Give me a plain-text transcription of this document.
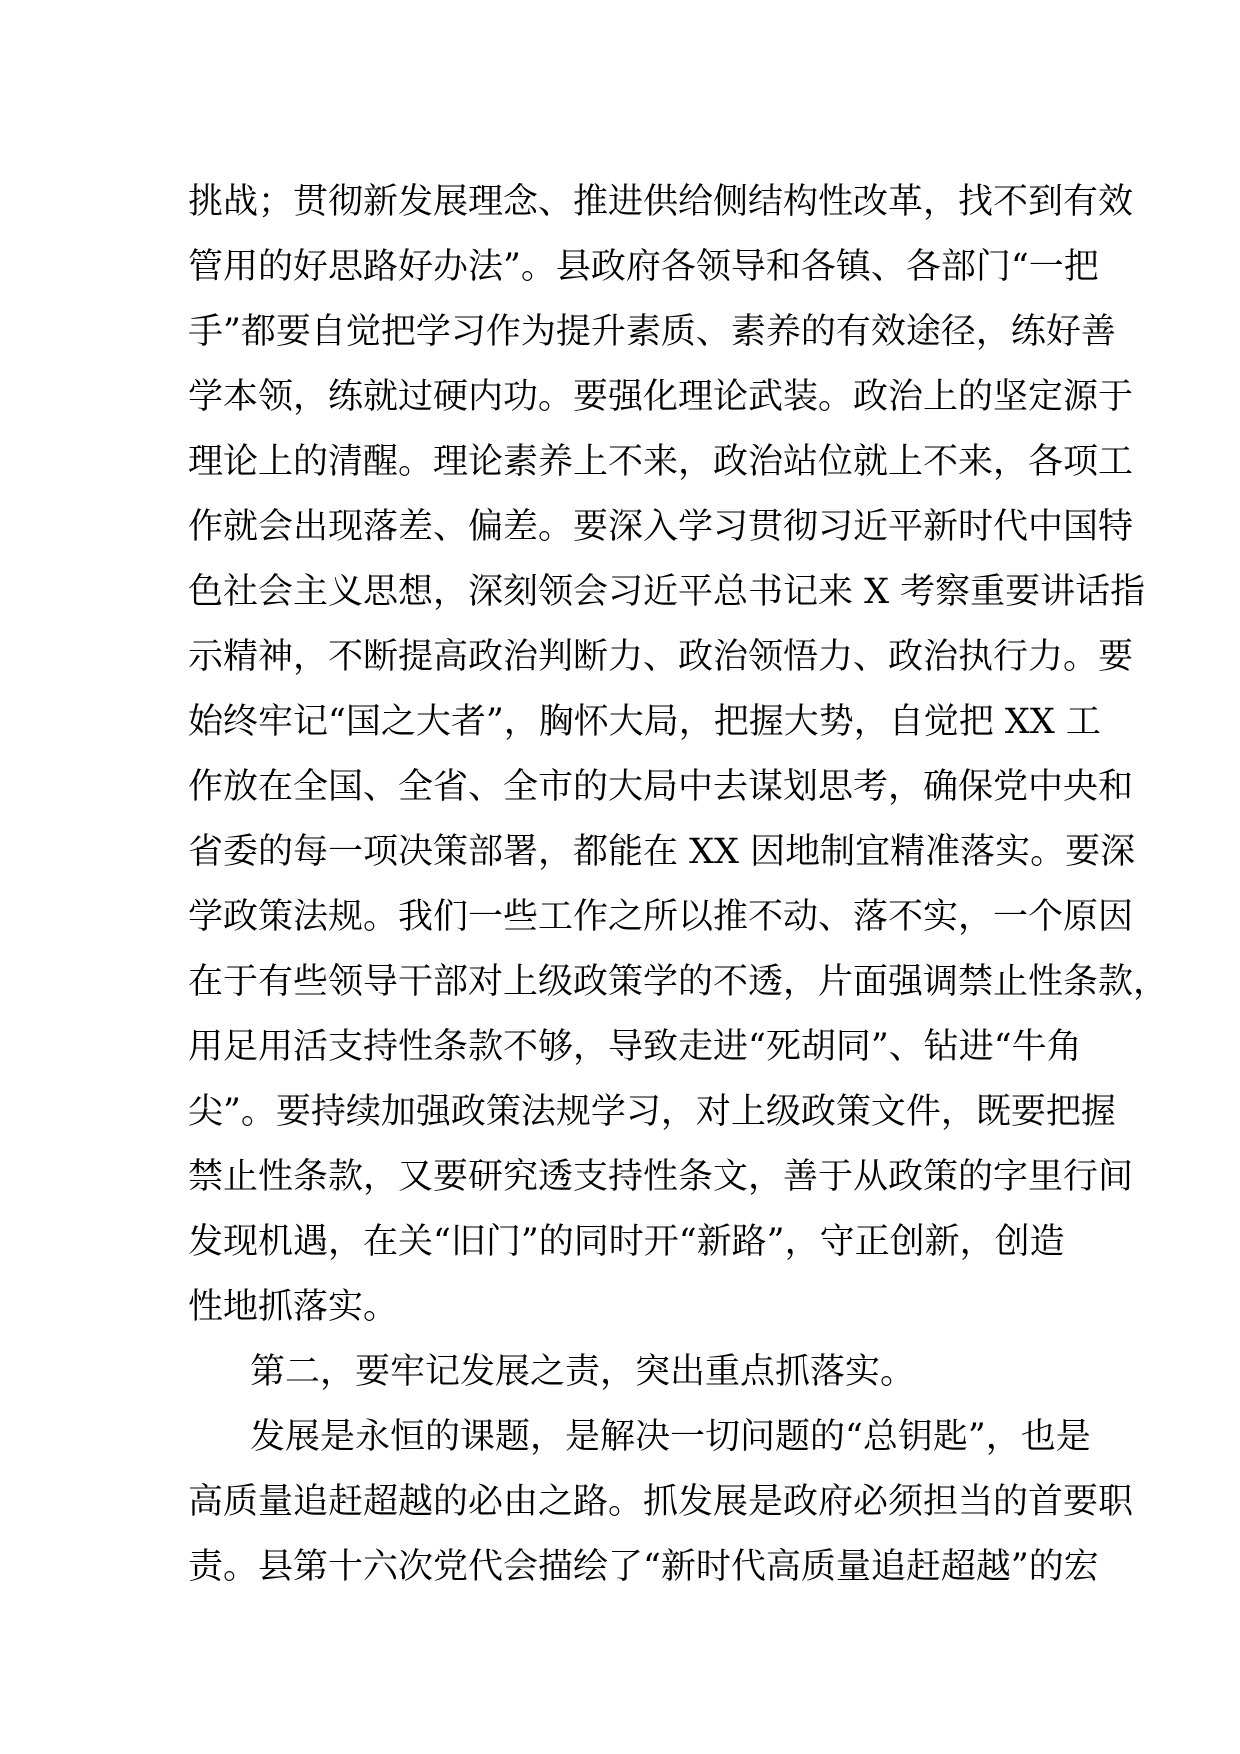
挑战；贯彻新发展理念、推进供给侧结构性改革，找不到有效
管用的好思路好办法”。县政府各领导和各镇、各部门“一把
手”都要自觉把学习作为提升素质、素养的有效途径，练好善
学本领，练就过硬内功。要强化理论武装。政治上的坚定源于
理论上的清醒。理论素养上不来，政治站位就上不来，各项工
作就会出现落差、偏差。要深入学习贯彻习近平新时代中国特
色社会主义思想，深刻领会习近平总书记来 X 考察重要讲话指
示精神，不断提高政治判断力、政治领悟力、政治执行力。要
始终牢记“国之大者”，胸怀大局，把握大势，自觉把 XX 工
作放在全国、全省、全市的大局中去谋划思考，确保党中央和
省委的每一项决策部署，都能在 XX 因地制宜精准落实。要深
学政策法规。我们一些工作之所以推不动、落不实，一个原因
在于有些领导干部对上级政策学的不透，片面强调禁止性条款，
用足用活支持性条款不够，导致走进“死胡同”、钻进“牛角
尖”。要持续加强政策法规学习，对上级政策文件，既要把握
禁止性条款，又要研究透支持性条文，善于从政策的字里行间
发现机遇，在关“旧门”的同时开“新路”，守正创新，创造
性地抓落实。
第二，要牢记发展之责，突出重点抓落实。
发展是永恒的课题，是解决一切问题的“总钥匙”，也是
高质量追赶超越的必由之路。抓发展是政府必须担当的首要职
责。县第十六次党代会描绘了“新时代高质量追赶超越”的宏
